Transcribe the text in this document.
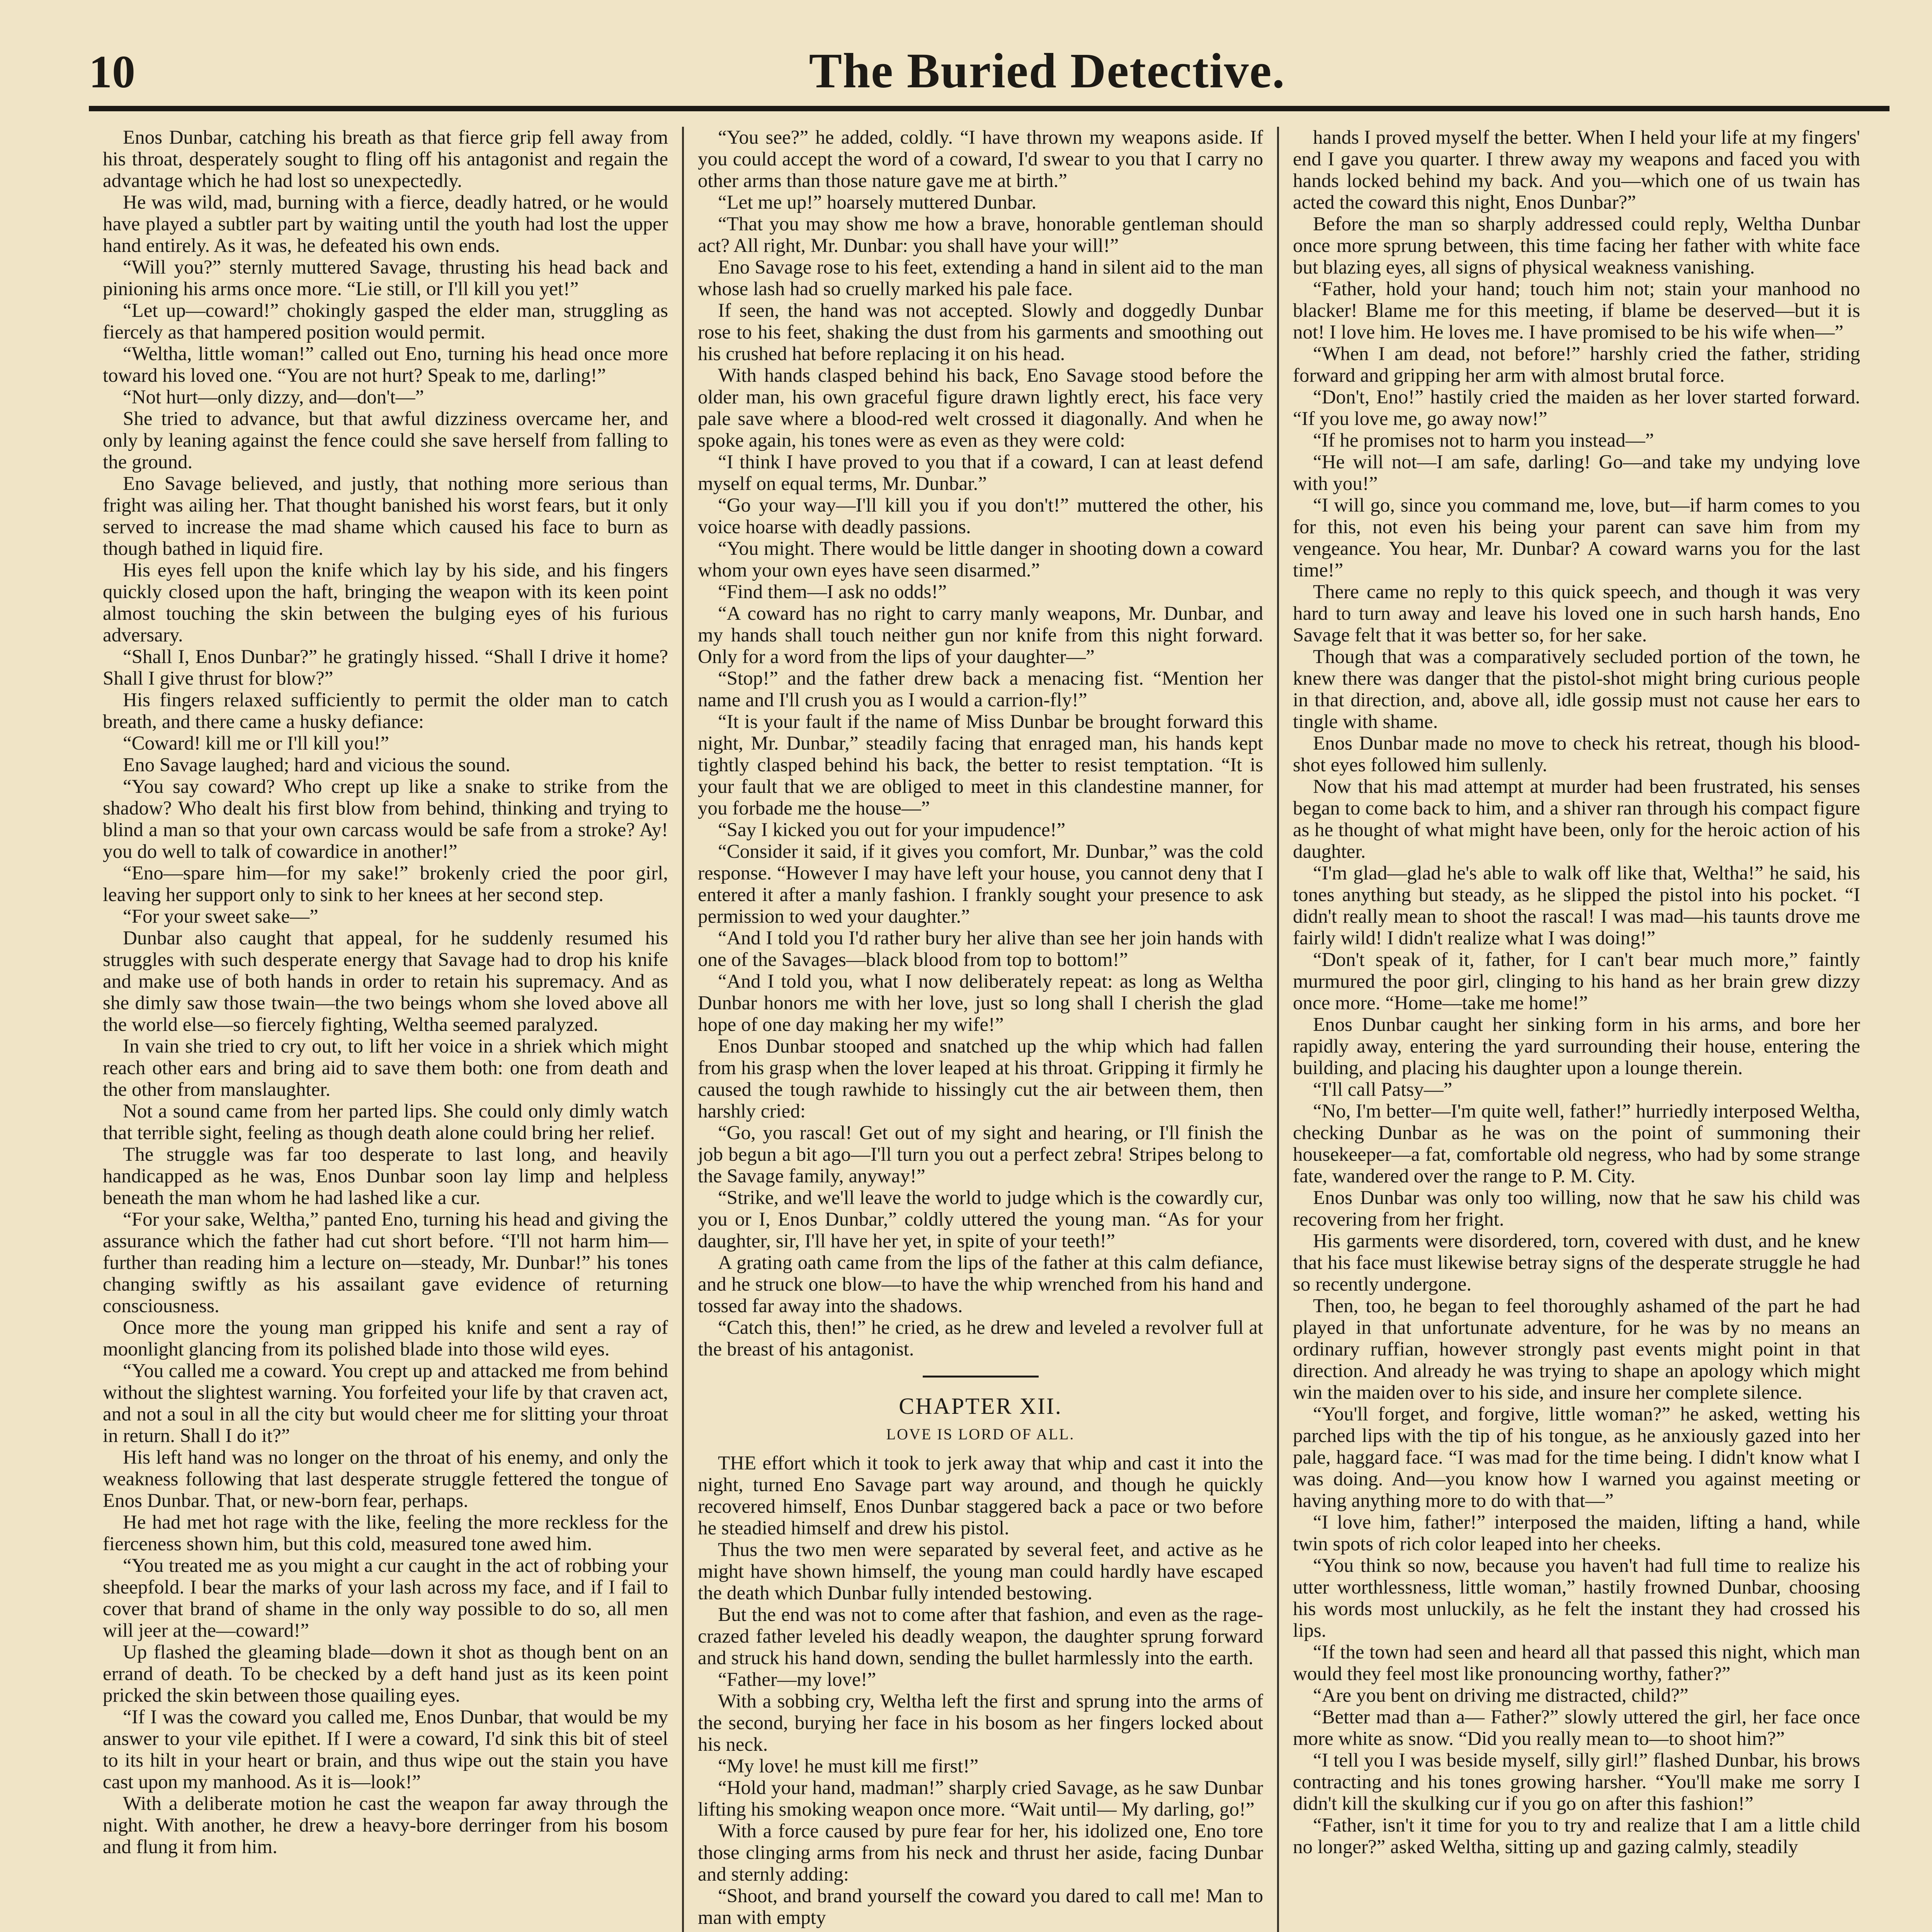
10	The Buried Detective.

Enos Dunbar, catching his breath as that fierce grip fell away from his throat, desperately sought to fling off his antagonist and regain the advantage which he had lost so unexpectedly.

He was wild, mad, burning with a fierce, deadly hatred, or he would have played a subtler part by waiting until the youth had lost the upper hand entirely. As it was, he defeated his own ends.

“Will you?” sternly muttered Savage, thrusting his head back and pinioning his arms once more. “Lie still, or I'll kill you yet!”

“Let up—coward!” chokingly gasped the elder man, struggling as fiercely as that hampered position would permit.

“Weltha, little woman!” called out Eno, turning his head once more toward his loved one. “You are not hurt? Speak to me, darling!”

“Not hurt—only dizzy, and—don't—”

She tried to advance, but that awful dizziness overcame her, and only by leaning against the fence could she save herself from falling to the ground.

Eno Savage believed, and justly, that nothing more serious than fright was ailing her. That thought banished his worst fears, but it only served to increase the mad shame which caused his face to burn as though bathed in liquid fire.

His eyes fell upon the knife which lay by his side, and his fingers quickly closed upon the haft, bringing the weapon with its keen point almost touching the skin between the bulging eyes of his furious adversary.

“Shall I, Enos Dunbar?” he gratingly hissed. “Shall I drive it home? Shall I give thrust for blow?”

His fingers relaxed sufficiently to permit the older man to catch breath, and there came a husky defiance:

“Coward! kill me or I'll kill you!”

Eno Savage laughed; hard and vicious the sound.

“You say coward? Who crept up like a snake to strike from the shadow? Who dealt his first blow from behind, thinking and trying to blind a man so that your own carcass would be safe from a stroke? Ay! you do well to talk of cowardice in another!”

“Eno—spare him—for my sake!” brokenly cried the poor girl, leaving her support only to sink to her knees at her second step.

“For your sweet sake—”

Dunbar also caught that appeal, for he suddenly resumed his struggles with such desperate energy that Savage had to drop his knife and make use of both hands in order to retain his supremacy. And as she dimly saw those twain—the two beings whom she loved above all the world else—so fiercely fighting, Weltha seemed paralyzed.

In vain she tried to cry out, to lift her voice in a shriek which might reach other ears and bring aid to save them both: one from death and the other from manslaughter.

Not a sound came from her parted lips. She could only dimly watch that terrible sight, feeling as though death alone could bring her relief.

The struggle was far too desperate to last long, and heavily handicapped as he was, Enos Dunbar soon lay limp and helpless beneath the man whom he had lashed like a cur.

“For your sake, Weltha,” panted Eno, turning his head and giving the assurance which the father had cut short before. “I'll not harm him—further than reading him a lecture on—steady, Mr. Dunbar!” his tones changing swiftly as his assailant gave evidence of returning consciousness.

Once more the young man gripped his knife and sent a ray of moonlight glancing from its polished blade into those wild eyes.

“You called me a coward. You crept up and attacked me from behind without the slightest warning. You forfeited your life by that craven act, and not a soul in all the city but would cheer me for slitting your throat in return. Shall I do it?”

His left hand was no longer on the throat of his enemy, and only the weakness following that last desperate struggle fettered the tongue of Enos Dunbar. That, or new-born fear, perhaps.

He had met hot rage with the like, feeling the more reckless for the fierceness shown him, but this cold, measured tone awed him.

“You treated me as you might a cur caught in the act of robbing your sheepfold. I bear the marks of your lash across my face, and if I fail to cover that brand of shame in the only way possible to do so, all men will jeer at the—coward!”

Up flashed the gleaming blade—down it shot as though bent on an errand of death. To be checked by a deft hand just as its keen point pricked the skin between those quailing eyes.

“If I was the coward you called me, Enos Dunbar, that would be my answer to your vile epithet. If I were a coward, I'd sink this bit of steel to its hilt in your heart or brain, and thus wipe out the stain you have cast upon my manhood. As it is—look!”

With a deliberate motion he cast the weapon far away through the night. With another, he drew a heavy-bore derringer from his bosom and flung it from him.

“You see?” he added, coldly. “I have thrown my weapons aside. If you could accept the word of a coward, I'd swear to you that I carry no other arms than those nature gave me at birth.”

“Let me up!” hoarsely muttered Dunbar.

“That you may show me how a brave, honorable gentleman should act? All right, Mr. Dunbar: you shall have your will!”

Eno Savage rose to his feet, extending a hand in silent aid to the man whose lash had so cruelly marked his pale face.

If seen, the hand was not accepted. Slowly and doggedly Dunbar rose to his feet, shaking the dust from his garments and smoothing out his crushed hat before replacing it on his head.

With hands clasped behind his back, Eno Savage stood before the older man, his own graceful figure drawn lightly erect, his face very pale save where a blood-red welt crossed it diagonally. And when he spoke again, his tones were as even as they were cold:

“I think I have proved to you that if a coward, I can at least defend myself on equal terms, Mr. Dunbar.”

“Go your way—I'll kill you if you don't!” muttered the other, his voice hoarse with deadly passions.

“You might. There would be little danger in shooting down a coward whom your own eyes have seen disarmed.”

“Find them—I ask no odds!”

“A coward has no right to carry manly weapons, Mr. Dunbar, and my hands shall touch neither gun nor knife from this night forward. Only for a word from the lips of your daughter—”

“Stop!” and the father drew back a menacing fist. “Mention her name and I'll crush you as I would a carrion-fly!”

“It is your fault if the name of Miss Dunbar be brought forward this night, Mr. Dunbar,” steadily facing that enraged man, his hands kept tightly clasped behind his back, the better to resist temptation. “It is your fault that we are obliged to meet in this clandestine manner, for you forbade me the house—”

“Say I kicked you out for your impudence!”

“Consider it said, if it gives you comfort, Mr. Dunbar,” was the cold response. “However I may have left your house, you cannot deny that I entered it after a manly fashion. I frankly sought your presence to ask permission to wed your daughter.”

“And I told you I'd rather bury her alive than see her join hands with one of the Savages—black blood from top to bottom!”

“And I told you, what I now deliberately repeat: as long as Weltha Dunbar honors me with her love, just so long shall I cherish the glad hope of one day making her my wife!”

Enos Dunbar stooped and snatched up the whip which had fallen from his grasp when the lover leaped at his throat. Gripping it firmly he caused the tough rawhide to hissingly cut the air between them, then harshly cried:

“Go, you rascal! Get out of my sight and hearing, or I'll finish the job begun a bit ago—I'll turn you out a perfect zebra! Stripes belong to the Savage family, anyway!”

“Strike, and we'll leave the world to judge which is the cowardly cur, you or I, Enos Dunbar,” coldly uttered the young man. “As for your daughter, sir, I'll have her yet, in spite of your teeth!”

A grating oath came from the lips of the father at this calm defiance, and he struck one blow—to have the whip wrenched from his hand and tossed far away into the shadows.

“Catch this, then!” he cried, as he drew and leveled a revolver full at the breast of his antagonist.

CHAPTER XII.

LOVE IS LORD OF ALL.

THE effort which it took to jerk away that whip and cast it into the night, turned Eno Savage part way around, and though he quickly recovered himself, Enos Dunbar staggered back a pace or two before he steadied himself and drew his pistol.

Thus the two men were separated by several feet, and active as he might have shown himself, the young man could hardly have escaped the death which Dunbar fully intended bestowing.

But the end was not to come after that fashion, and even as the rage-crazed father leveled his deadly weapon, the daughter sprung forward and struck his hand down, sending the bullet harmlessly into the earth.

“Father—my love!”

With a sobbing cry, Weltha left the first and sprung into the arms of the second, burying her face in his bosom as her fingers locked about his neck.

“My love! he must kill me first!”

“Hold your hand, madman!” sharply cried Savage, as he saw Dunbar lifting his smoking weapon once more. “Wait until— My darling, go!”

With a force caused by pure fear for her, his idolized one, Eno tore those clinging arms from his neck and thrust her aside, facing Dunbar and sternly adding:

“Shoot, and brand yourself the coward you dared to call me! Man to man with empty

hands I proved myself the better. When I held your life at my fingers' end I gave you quarter. I threw away my weapons and faced you with hands locked behind my back. And you—which one of us twain has acted the coward this night, Enos Dunbar?”

Before the man so sharply addressed could reply, Weltha Dunbar once more sprung between, this time facing her father with white face but blazing eyes, all signs of physical weakness vanishing.

“Father, hold your hand; touch him not; stain your manhood no blacker! Blame me for this meeting, if blame be deserved—but it is not! I love him. He loves me. I have promised to be his wife when—”

“When I am dead, not before!” harshly cried the father, striding forward and gripping her arm with almost brutal force.

“Don't, Eno!” hastily cried the maiden as her lover started forward. “If you love me, go away now!”

“If he promises not to harm you instead—”

“He will not—I am safe, darling! Go—and take my undying love with you!”

“I will go, since you command me, love, but—if harm comes to you for this, not even his being your parent can save him from my vengeance. You hear, Mr. Dunbar? A coward warns you for the last time!”

There came no reply to this quick speech, and though it was very hard to turn away and leave his loved one in such harsh hands, Eno Savage felt that it was better so, for her sake.

Though that was a comparatively secluded portion of the town, he knew there was danger that the pistol-shot might bring curious people in that direction, and, above all, idle gossip must not cause her ears to tingle with shame.

Enos Dunbar made no move to check his retreat, though his blood-shot eyes followed him sullenly.

Now that his mad attempt at murder had been frustrated, his senses began to come back to him, and a shiver ran through his compact figure as he thought of what might have been, only for the heroic action of his daughter.

“I'm glad—glad he's able to walk off like that, Weltha!” he said, his tones anything but steady, as he slipped the pistol into his pocket. “I didn't really mean to shoot the rascal! I was mad—his taunts drove me fairly wild! I didn't realize what I was doing!”

“Don't speak of it, father, for I can't bear much more,” faintly murmured the poor girl, clinging to his hand as her brain grew dizzy once more. “Home—take me home!”

Enos Dunbar caught her sinking form in his arms, and bore her rapidly away, entering the yard surrounding their house, entering the building, and placing his daughter upon a lounge therein.

“I'll call Patsy—”

“No, I'm better—I'm quite well, father!” hurriedly interposed Weltha, checking Dunbar as he was on the point of summoning their housekeeper—a fat, comfortable old negress, who had by some strange fate, wandered over the range to P. M. City.

Enos Dunbar was only too willing, now that he saw his child was recovering from her fright.

His garments were disordered, torn, covered with dust, and he knew that his face must likewise betray signs of the desperate struggle he had so recently undergone.

Then, too, he began to feel thoroughly ashamed of the part he had played in that unfortunate adventure, for he was by no means an ordinary ruffian, however strongly past events might point in that direction. And already he was trying to shape an apology which might win the maiden over to his side, and insure her complete silence.

“You'll forget, and forgive, little woman?” he asked, wetting his parched lips with the tip of his tongue, as he anxiously gazed into her pale, haggard face. “I was mad for the time being. I didn't know what I was doing. And—you know how I warned you against meeting or having anything more to do with that—”

“I love him, father!” interposed the maiden, lifting a hand, while twin spots of rich color leaped into her cheeks.

“You think so now, because you haven't had full time to realize his utter worthlessness, little woman,” hastily frowned Dunbar, choosing his words most unluckily, as he felt the instant they had crossed his lips.

“If the town had seen and heard all that passed this night, which man would they feel most like pronouncing worthy, father?”

“Are you bent on driving me distracted, child?”

“Better mad than a— Father?” slowly uttered the girl, her face once more white as snow. “Did you really mean to—to shoot him?”

“I tell you I was beside myself, silly girl!” flashed Dunbar, his brows contracting and his tones growing harsher. “You'll make me sorry I didn't kill the skulking cur if you go on after this fashion!”

“Father, isn't it time for you to try and realize that I am a little child no longer?” asked Weltha, sitting up and gazing calmly, steadily
